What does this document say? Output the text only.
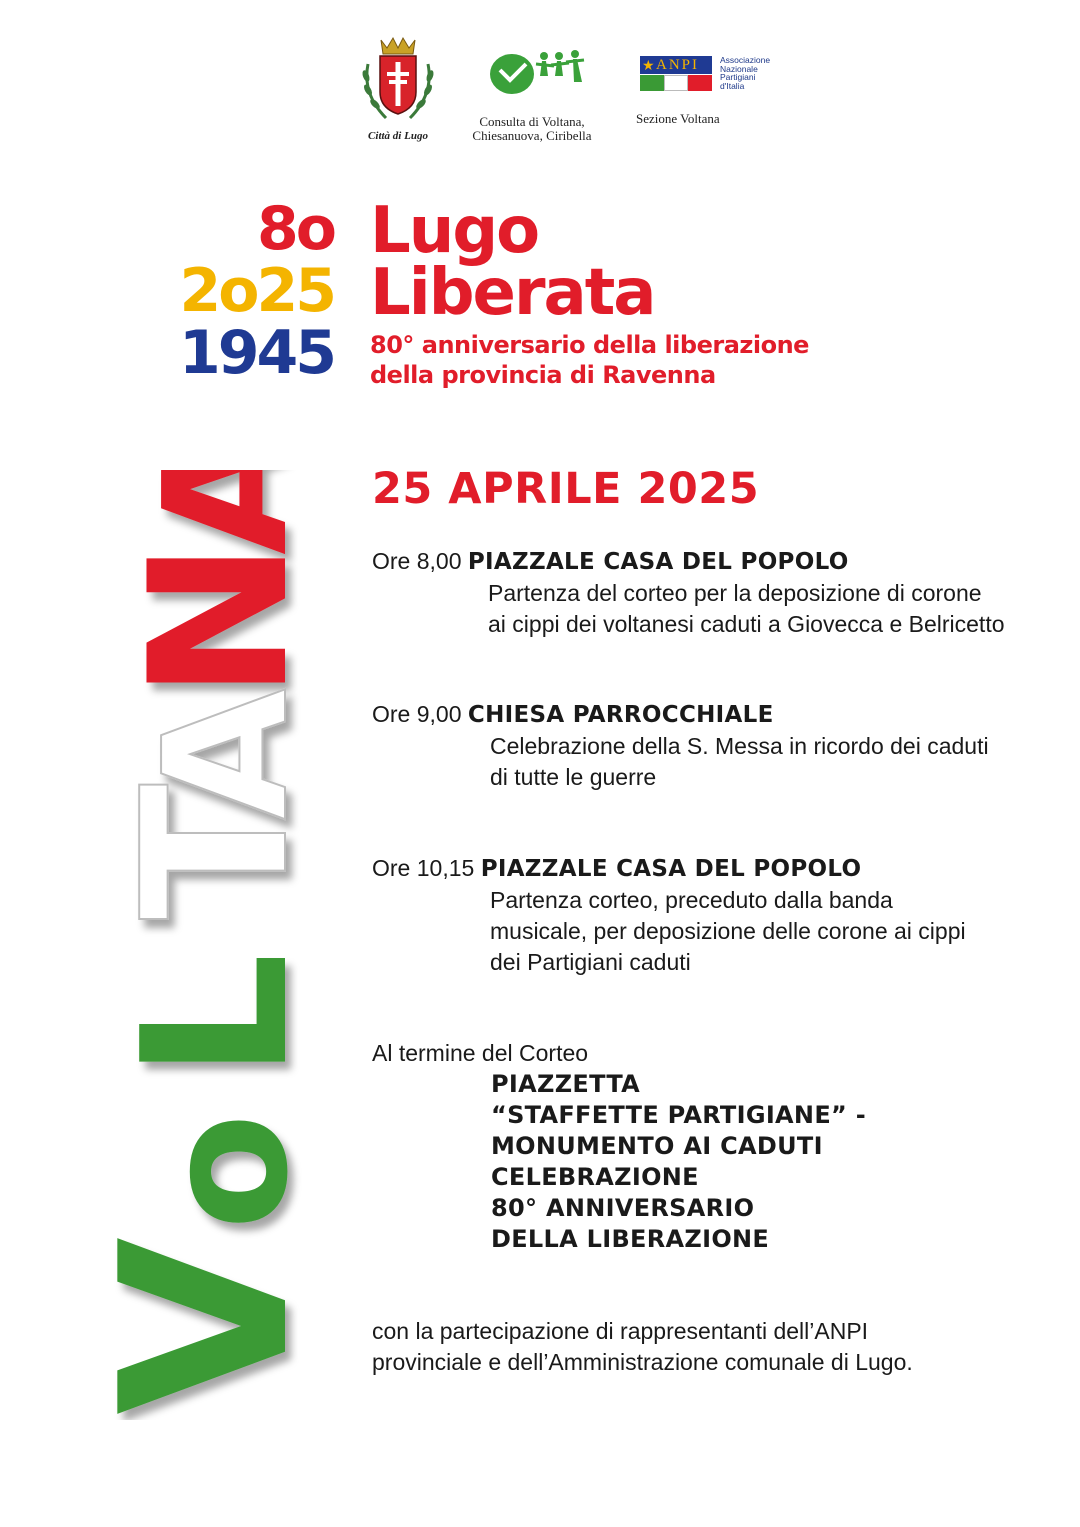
Città di Lugo
Consulta di Voltana,
Chiesanuova, Ciribella
★ ANPI Associazione
Nazionale
Partigiani
d'Italia
Sezione Voltana
8o
2o25
1945
Lugo
Liberata
80° anniversario della liberazione
della provincia di Ravenna
V
o
L
T
A
N
A 25 APRILE 2025
Ore 8,00 PIAZZALE CASA DEL POPOLO
Partenza del corteo per la deposizione di corone
ai cippi dei voltanesi caduti a Giovecca e Belricetto
Ore 9,00 CHIESA PARROCCHIALE
Celebrazione della S. Messa in ricordo dei caduti
di tutte le guerre
Ore 10,15 PIAZZALE CASA DEL POPOLO
Partenza corteo, preceduto dalla banda
musicale, per deposizione delle corone ai cippi
dei Partigiani caduti
Al termine del Corteo
PIAZZETTA
“STAFFETTE PARTIGIANE” -
MONUMENTO AI CADUTI
CELEBRAZIONE
80° ANNIVERSARIO
DELLA LIBERAZIONE
con la partecipazione di rappresentanti dell’ANPI
provinciale e dell’Amministrazione comunale di Lugo.
